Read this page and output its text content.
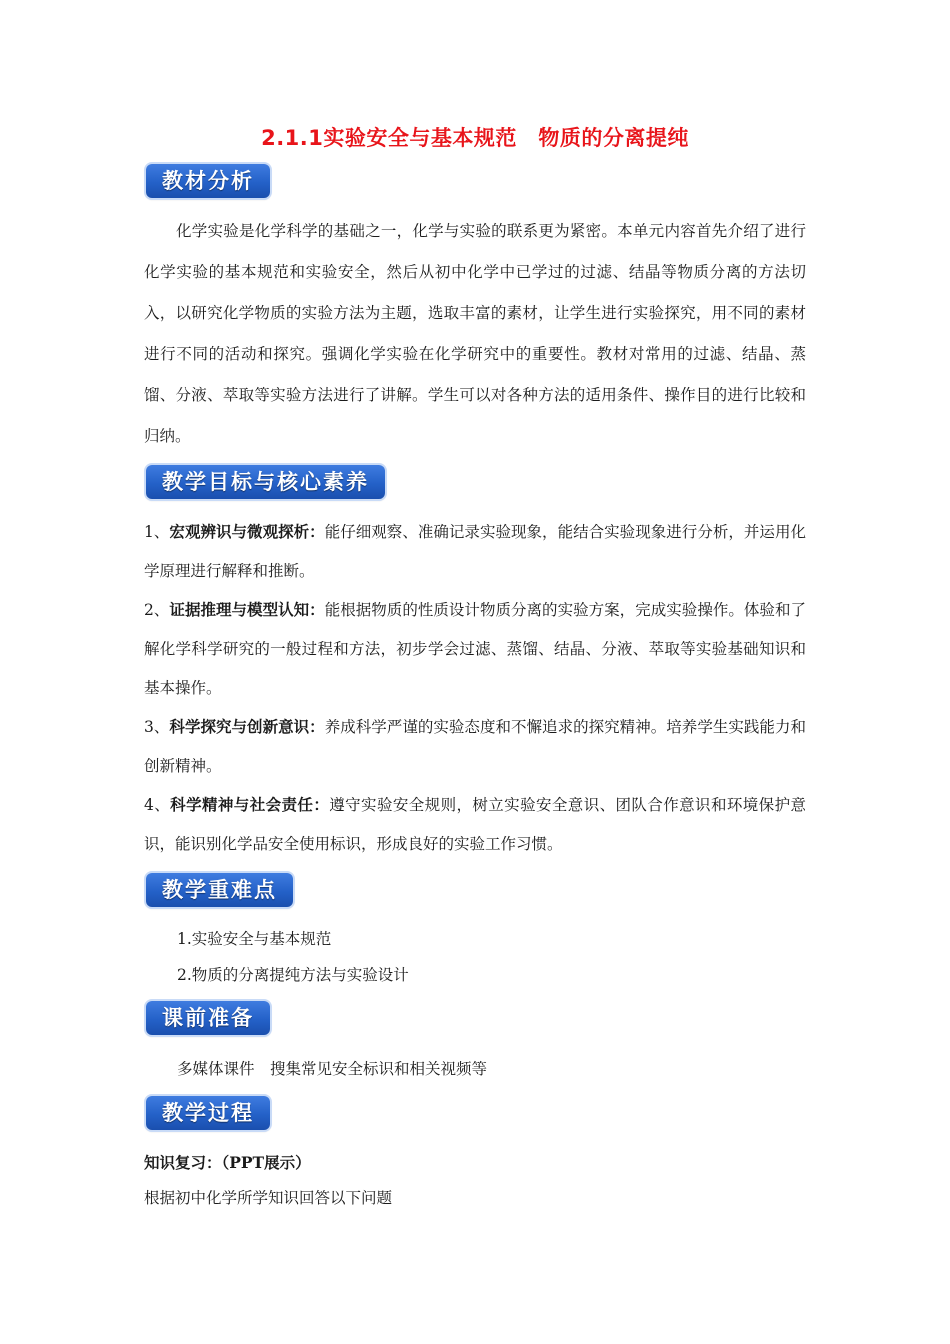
2.1.1实验安全与基本规范　物质的分离提纯
教材分析

化学实验是化学科学的基础之一，化学与实验的联系更为紧密。本单元内容首先介绍了进行化学实验的基本规范和实验安全，然后从初中化学中已学过的过滤、结晶等物质分离的方法切入，以研究化学物质的实验方法为主题，选取丰富的素材，让学生进行实验探究，用不同的素材进行不同的活动和探究。强调化学实验在化学研究中的重要性。教材对常用的过滤、结晶、蒸馏、分液、萃取等实验方法进行了讲解。学生可以对各种方法的适用条件、操作目的进行比较和归纳。

教学目标与核心素养

1、宏观辨识与微观探析：能仔细观察、准确记录实验现象，能结合实验现象进行分析，并运用化学原理进行解释和推断。

2、证据推理与模型认知：能根据物质的性质设计物质分离的实验方案，完成实验操作。体验和了解化学科学研究的一般过程和方法，初步学会过滤、蒸馏、结晶、分液、萃取等实验基础知识和基本操作。

3、科学探究与创新意识：养成科学严谨的实验态度和不懈追求的探究精神。培养学生实践能力和创新精神。

4、科学精神与社会责任：遵守实验安全规则，树立实验安全意识、团队合作意识和环境保护意识，能识别化学品安全使用标识，形成良好的实验工作习惯。

教学重难点

1.实验安全与基本规范

2.物质的分离提纯方法与实验设计

课前准备

多媒体课件　搜集常见安全标识和相关视频等

教学过程

知识复习：（PPT展示）

根据初中化学所学知识回答以下问题
